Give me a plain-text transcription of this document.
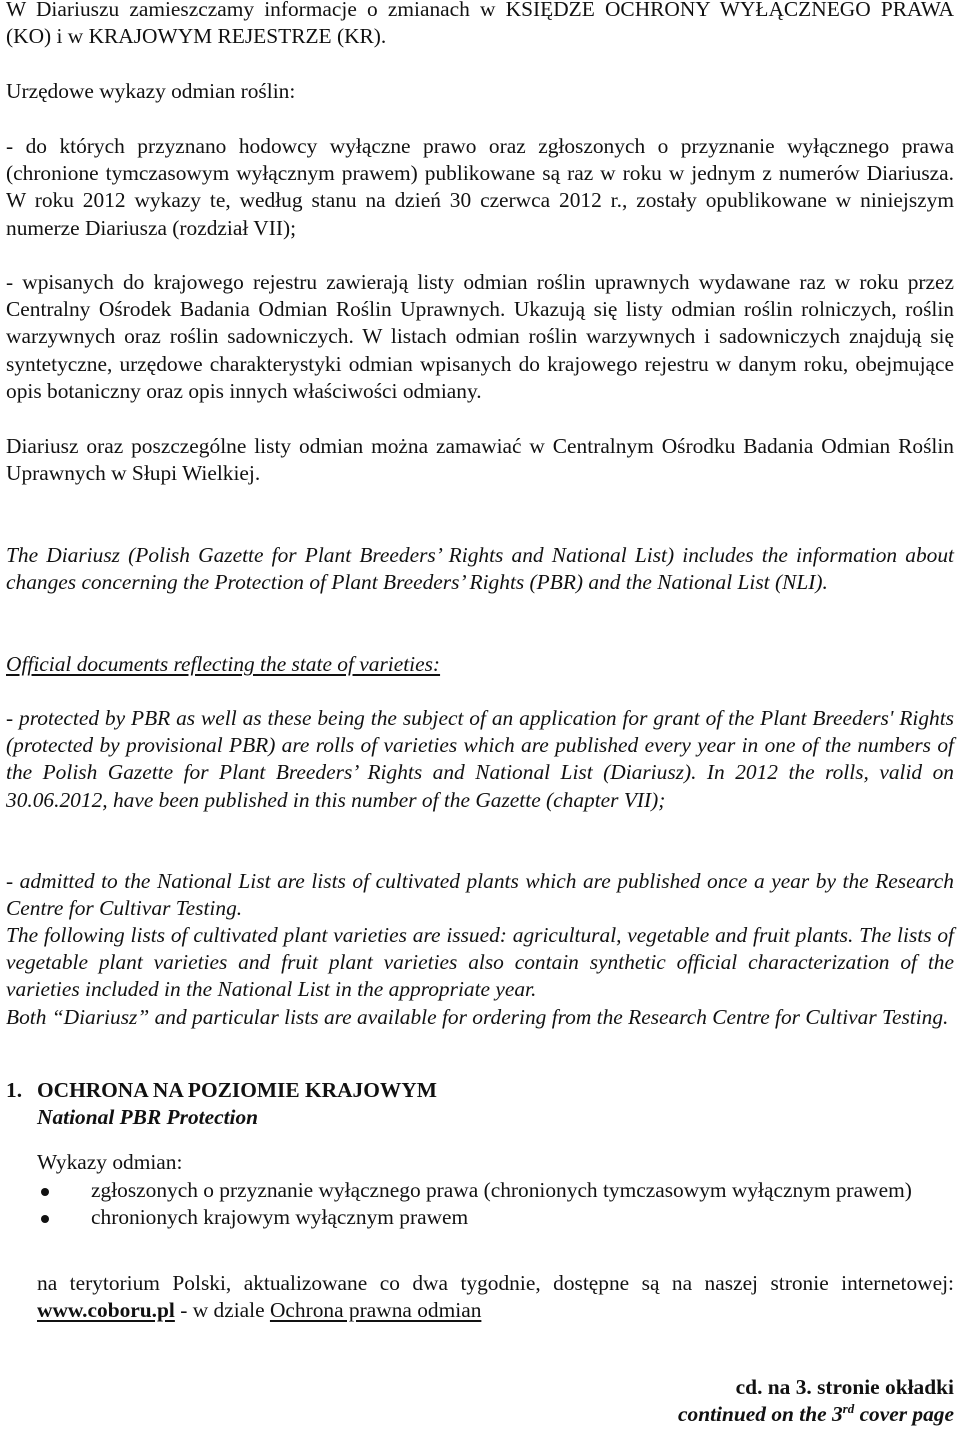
W Diariuszu zamieszczamy informacje o zmianach w KSIĘDZE OCHRONY WYŁĄCZNEGO PRAWA (KO) i w KRAJOWYM REJESTRZE (KR).

Urzędowe wykazy odmian roślin:

- do których przyznano hodowcy wyłączne prawo oraz zgłoszonych o przyznanie wyłącznego prawa (chronione tymczasowym wyłącznym prawem) publikowane są raz w roku w jednym z numerów Diariusza. W roku 2012 wykazy te, według stanu na dzień 30 czerwca 2012 r., zostały opublikowane w niniejszym numerze Diariusza (rozdział VII);

- wpisanych do krajowego rejestru zawierają listy odmian roślin uprawnych wydawane raz w roku przez Centralny Ośrodek Badania Odmian Roślin Uprawnych. Ukazują się listy odmian roślin rolniczych, roślin warzywnych oraz roślin sadowniczych. W listach odmian roślin warzywnych i sadowniczych znajdują się syntetyczne, urzędowe charakterystyki odmian wpisanych do krajowego rejestru w danym roku, obejmujące opis botaniczny oraz opis innych właściwości odmiany.

Diariusz oraz poszczególne listy odmian można zamawiać w Centralnym Ośrodku Badania Odmian Roślin Uprawnych w Słupi Wielkiej.

The Diariusz (Polish Gazette for Plant Breeders’ Rights and National List) includes the information about changes concerning the Protection of Plant Breeders’ Rights (PBR) and the National List (NLI).

Official documents reflecting the state of varieties:

- protected by PBR as well as these being the subject of an application for grant of the Plant Breeders' Rights (protected by provisional PBR) are rolls of varieties which are published every year in one of the numbers of the Polish Gazette for Plant Breeders’ Rights and National List (Diariusz). In 2012 the rolls, valid on 30.06.2012, have been published in this number of the Gazette (chapter VII);

- admitted to the National List are lists of cultivated plants which are published once a year by the Research Centre for Cultivar Testing.

The following lists of cultivated plant varieties are issued: agricultural, vegetable and fruit plants. The lists of vegetable plant varieties and fruit plant varieties also contain synthetic official characterization of the varieties included in the National List in the appropriate year.

Both “Diariusz” and particular lists are available for ordering from the Research Centre for Cultivar Testing.

1. OCHRONA NA POZIOMIE KRAJOWYM
National PBR Protection

Wykazy odmian:

zgłoszonych o przyznanie wyłącznego prawa (chronionych tymczasowym wyłącznym prawem)
chronionych krajowym wyłącznym prawem

na terytorium Polski, aktualizowane co dwa tygodnie, dostępne są na naszej stronie internetowej: www.coboru.pl - w dziale Ochrona prawna odmian

cd. na 3. stronie okładki
continued on the 3rd cover page
